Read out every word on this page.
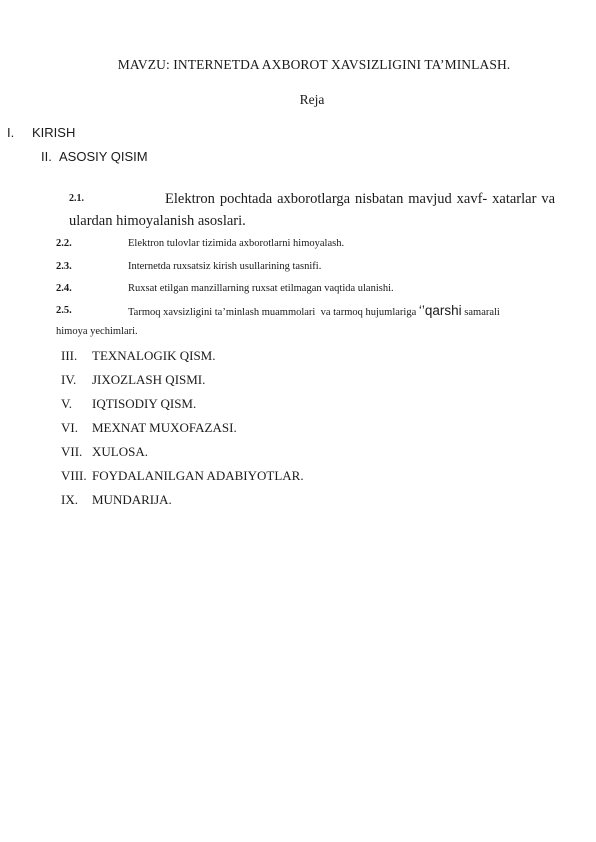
MAVZU: INTERNETDA AXBOROT XAVSIZLIGINI TA’MINLASH.
Reja
I. KIRISH
II. ASOSIY QISIM
2.1.	Elektron pochtada axborotlarga nisbatan mavjud xavf- xatarlar va ulardan himoyalanish asoslari.
2.2.	Elektron tulovlar tizimida axborotlarni himoyalash.
2.3.	Internetda ruxsatsiz kirish usullarining tasnifi.
2.4.	Ruxsat etilgan manzillarning ruxsat etilmagan vaqtida ulanishi.
2.5.	Tarmoq xavsizligini ta’minlash muammolari  va tarmoq hujumlariga ‘’qarshi samarali
himoya yechimlari.
III. TEXNALOGIK QISM.
IV. JIXOZLASH QISMI.
V. IQTISODIY QISM.
VI. MEXNAT MUXOFAZASI.
VII. XULOSA.
VIII. FOYDALANILGAN ADABIYOTLAR.
IX. MUNDARIJA.
